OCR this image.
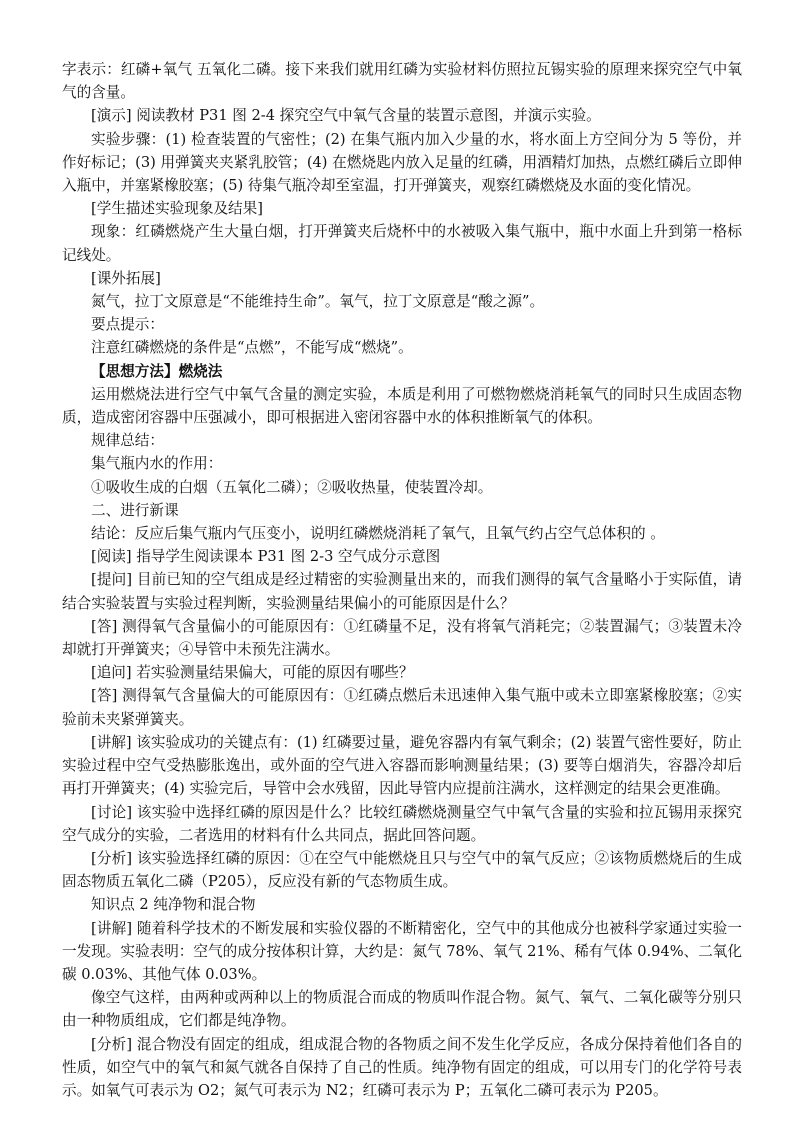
字表示：红磷+氧气 五氧化二磷。接下来我们就用红磷为实验材料仿照拉瓦锡实验的原理来探究空气中氧气的含量。

[演示] 阅读教材 P31 图 2-4 探究空气中氧气含量的装置示意图，并演示实验。

实验步骤：(1) 检查装置的气密性；(2) 在集气瓶内加入少量的水，将水面上方空间分为 5 等份，并作好标记；(3) 用弹簧夹夹紧乳胶管；(4) 在燃烧匙内放入足量的红磷，用酒精灯加热，点燃红磷后立即伸入瓶中，并塞紧橡胶塞；(5) 待集气瓶冷却至室温，打开弹簧夹，观察红磷燃烧及水面的变化情况。

[学生描述实验现象及结果]

现象：红磷燃烧产生大量白烟，打开弹簧夹后烧杯中的水被吸入集气瓶中，瓶中水面上升到第一格标记线处。

[课外拓展]

氮气，拉丁文原意是“不能维持生命”。氧气，拉丁文原意是“酸之源”。

要点提示：

注意红磷燃烧的条件是“点燃”，不能写成“燃烧”。

【思想方法】燃烧法

运用燃烧法进行空气中氧气含量的测定实验，本质是利用了可燃物燃烧消耗氧气的同时只生成固态物质，造成密闭容器中压强减小，即可根据进入密闭容器中水的体积推断氧气的体积。

规律总结：

集气瓶内水的作用：

①吸收生成的白烟（五氧化二磷）；②吸收热量，使装置冷却。

二、进行新课

结论：反应后集气瓶内气压变小，说明红磷燃烧消耗了氧气，且氧气约占空气总体积的 。

[阅读] 指导学生阅读课本 P31 图 2-3 空气成分示意图

[提问] 目前已知的空气组成是经过精密的实验测量出来的，而我们测得的氧气含量略小于实际值，请结合实验装置与实验过程判断，实验测量结果偏小的可能原因是什么？

[答] 测得氧气含量偏小的可能原因有：①红磷量不足，没有将氧气消耗完；②装置漏气；③装置未冷却就打开弹簧夹；④导管中未预先注满水。

[追问] 若实验测量结果偏大，可能的原因有哪些？

[答] 测得氧气含量偏大的可能原因有：①红磷点燃后未迅速伸入集气瓶中或未立即塞紧橡胶塞；②实验前未夹紧弹簧夹。

[讲解] 该实验成功的关键点有：(1) 红磷要过量，避免容器内有氧气剩余；(2) 装置气密性要好，防止实验过程中空气受热膨胀逸出，或外面的空气进入容器而影响测量结果；(3) 要等白烟消失，容器冷却后再打开弹簧夹；(4) 实验完后，导管中会水残留，因此导管内应提前注满水，这样测定的结果会更准确。

[讨论] 该实验中选择红磷的原因是什么？比较红磷燃烧测量空气中氧气含量的实验和拉瓦锡用汞探究空气成分的实验，二者选用的材料有什么共同点，据此回答问题。

[分析] 该实验选择红磷的原因：①在空气中能燃烧且只与空气中的氧气反应；②该物质燃烧后的生成固态物质五氧化二磷（P205），反应没有新的气态物质生成。

知识点 2 纯净物和混合物

[讲解] 随着科学技术的不断发展和实验仪器的不断精密化，空气中的其他成分也被科学家通过实验一一发现。实验表明：空气的成分按体积计算，大约是：氮气 78%、氧气 21%、稀有气体 0.94%、二氧化碳 0.03%、其他气体 0.03%。

像空气这样，由两种或两种以上的物质混合而成的物质叫作混合物。氮气、氧气、二氧化碳等分别只由一种物质组成，它们都是纯净物。

[分析] 混合物没有固定的组成，组成混合物的各物质之间不发生化学反应，各成分保持着他们各自的性质，如空气中的氧气和氮气就各自保持了自己的性质。纯净物有固定的组成，可以用专门的化学符号表示。如氧气可表示为 O2；氮气可表示为 N2；红磷可表示为 P；五氧化二磷可表示为 P205。
